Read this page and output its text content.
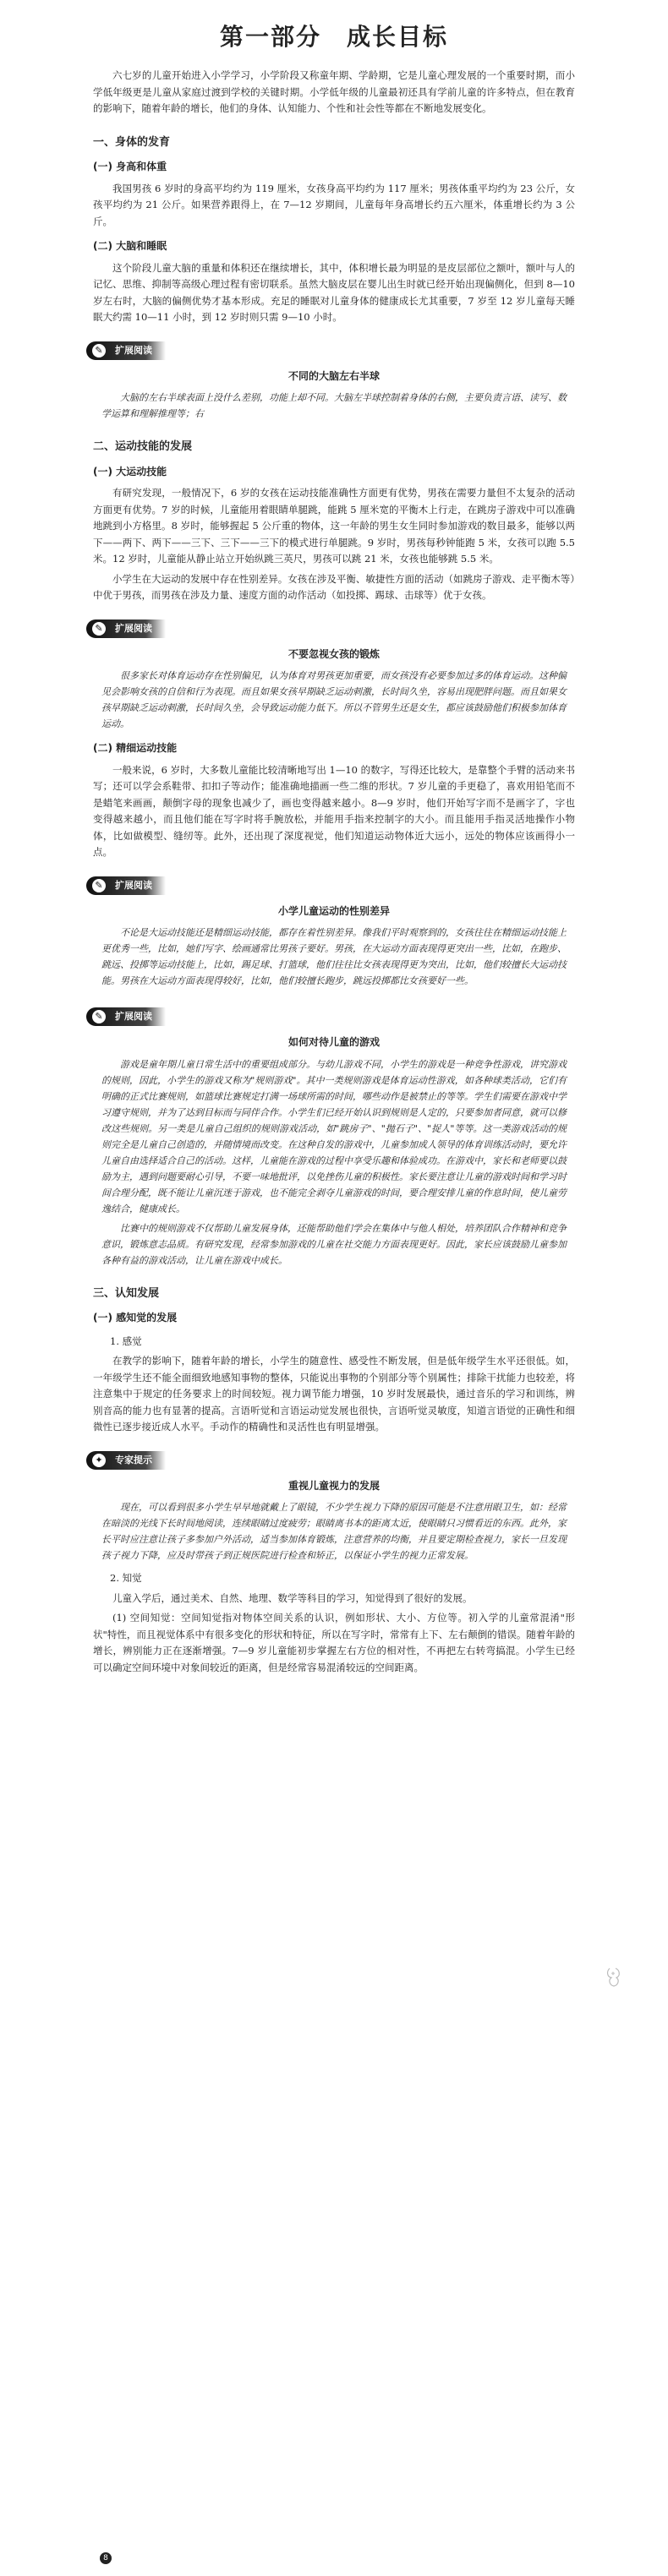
第一部分　成长目标

六七岁的儿童开始进入小学学习，小学阶段又称童年期、学龄期，它是儿童心理发展的一个重要时期，而小学低年级更是儿童从家庭过渡到学校的关键时期。小学低年级的儿童最初还具有学前儿童的许多特点，但在教育的影响下，随着年龄的增长，他们的身体、认知能力、个性和社会性等都在不断地发展变化。

一、身体的发育
(一) 身高和体重

我国男孩 6 岁时的身高平均约为 119 厘米，女孩身高平均约为 117 厘米；男孩体重平均约为 23 公斤，女孩平均约为 21 公斤。如果营养跟得上，在 7—12 岁期间，儿童每年身高增长约五六厘米，体重增长约为 3 公斤。

(二) 大脑和睡眠

这个阶段儿童大脑的重量和体积还在继续增长，其中，体积增长最为明显的是皮层部位之额叶，额叶与人的记忆、思维、抑制等高级心理过程有密切联系。虽然大脑皮层在婴儿出生时就已经开始出现偏侧化，但到 8—10 岁左右时，大脑的偏侧优势才基本形成。充足的睡眠对儿童身体的健康成长尤其重要，7 岁至 12 岁儿童每天睡眠大约需 10—11 小时，到 12 岁时则只需 9—10 小时。

✎	扩展阅读
不同的大脑左右半球

大脑的左右半球表面上没什么差别，功能上却不同。大脑左半球控制着身体的右侧，主要负责言语、读写、数学运算和理解推理等；右

二、运动技能的发展
(一) 大运动技能

有研究发现，一般情况下，6 岁的女孩在运动技能准确性方面更有优势，男孩在需要力量但不太复杂的活动方面更有优势。7 岁的时候，儿童能用着眼睛单腿跳，能跳 5 厘米宽的平衡木上行走，在跳房子游戏中可以准确地跳到小方格里。8 岁时，能够握起 5 公斤重的物体，这一年龄的男生女生同时参加游戏的数目最多，能够以两下——两下、两下——三下、三下——三下的模式进行单腿跳。9 岁时，男孩每秒钟能跑 5 米，女孩可以跑 5.5 米。12 岁时，儿童能从静止站立开始纵跳三英尺，男孩可以跳 21 米，女孩也能够跳 5.5 米。

小学生在大运动的发展中存在性别差异。女孩在涉及平衡、敏捷性方面的活动（如跳房子游戏、走平衡木等）中优于男孩，而男孩在涉及力量、速度方面的动作活动（如投掷、踢球、击球等）优于女孩。

✎	扩展阅读
不要忽视女孩的锻炼

很多家长对体育运动存在性别偏见，认为体育对男孩更加重要，而女孩没有必要参加过多的体育运动。这种偏见会影响女孩的自信和行为表现。而且如果女孩早期缺乏运动刺激，长时间久坐，容易出现肥胖问题。而且如果女孩早期缺乏运动刺激，长时间久坐，会导致运动能力低下。所以不管男生还是女生，都应该鼓励他们积极参加体育运动。

(二) 精细运动技能

一般来说，6 岁时，大多数儿童能比较清晰地写出 1—10 的数字，写得还比较大，是靠整个手臂的活动来书写；还可以学会系鞋带、扣扣子等动作；能准确地描画一些二维的形状。7 岁儿童的手更稳了，喜欢用铅笔而不是蜡笔来画画，颠倒字母的现象也减少了，画也变得越来越小。8—9 岁时，他们开始写字而不是画字了，字也变得越来越小，而且他们能在写字时将手腕放松，并能用手指来控制字的大小。而且能用手指灵活地操作小物体，比如做模型、缝纫等。此外，还出现了深度视觉，他们知道运动物体近大远小，远处的物体应该画得小一点。

✎	扩展阅读
小学儿童运动的性别差异

不论是大运动技能还是精细运动技能，都存在着性别差异。像我们平时观察到的，女孩往往在精细运动技能上更优秀一些，比如，她们写字、绘画通常比男孩子要好。男孩，在大运动方面表现得更突出一些，比如，在跑步、跳远、投掷等运动技能上，比如，踢足球、打篮球，他们往往比女孩表现得更为突出，比如，他们较擅长大运动技能。男孩在大运动方面表现得较好，比如，他们较擅长跑步，跳远投掷都比女孩要好一些。

✎	扩展阅读
如何对待儿童的游戏

游戏是童年期儿童日常生活中的重要组成部分。与幼儿游戏不同，小学生的游戏是一种竞争性游戏，讲究游戏的规则，因此，小学生的游戏又称为"规则游戏"。其中一类规则游戏是体育运动性游戏，如各种球类活动，它们有明确的正式比赛规则，如篮球比赛规定打满一场球所需的时间，哪些动作是被禁止的等等。学生们需要在游戏中学习遵守规则，并为了达到目标而与同伴合作。小学生们已经开始认识到规则是人定的，只要参加者同意，就可以修改这些规则。另一类是儿童自己组织的规则游戏活动，如"跳房子"、"抛石子"、"捉人"等等。这一类游戏活动的规则完全是儿童自己创造的，并随情境而改变。在这种自发的游戏中，儿童参加成人领导的体育训练活动时，要允许儿童自由选择适合自己的活动。这样，儿童能在游戏的过程中享受乐趣和体验成功。在游戏中，家长和老师要以鼓励为主，遇到问题要耐心引导，不要一味地批评，以免挫伤儿童的积极性。家长要注意让儿童的游戏时间和学习时间合理分配，既不能让儿童沉迷于游戏，也不能完全剥夺儿童游戏的时间，要合理安排儿童的作息时间，使儿童劳逸结合，健康成长。

比赛中的规则游戏不仅帮助儿童发展身体，还能帮助他们学会在集体中与他人相处，培养团队合作精神和竞争意识，锻炼意志品质。有研究发现，经常参加游戏的儿童在社交能力方面表现更好。因此，家长应该鼓励儿童参加各种有益的游戏活动，让儿童在游戏中成长。

三、认知发展
(一) 感知觉的发展
1. 感觉

在教学的影响下，随着年龄的增长，小学生的随意性、感受性不断发展，但是低年级学生水平还很低。如，一年级学生还不能全面细致地感知事物的整体，只能说出事物的个别部分等个别属性；排除干扰能力也较差，将注意集中于规定的任务要求上的时间较短。视力调节能力增强，10 岁时发展最快，通过音乐的学习和训练，辨别音高的能力也有显著的提高。言语听觉和言语运动觉发展也很快，言语听觉灵敏度，知道言语觉的正确性和细微性已逐步接近成人水平。手动作的精确性和灵活性也有明显增强。

✦	专家提示
重视儿童视力的发展

现在，可以看到很多小学生早早地就戴上了眼镜，不少学生视力下降的原因可能是不注意用眼卫生，如：经常在暗淡的光线下长时间地阅读，连续眼睛过度疲劳；眼睛离书本的距离太近，使眼睛只习惯看近的东西。此外，家长平时应注意让孩子多参加户外活动，适当参加体育锻炼，注意营养的均衡，并且要定期检查视力，家长一旦发现孩子视力下降，应及时带孩子到正规医院进行检查和矫正，以保证小学生的视力正常发展。

2. 知觉

儿童入学后，通过美术、自然、地理、数学等科目的学习，知觉得到了很好的发展。

(1) 空间知觉：空间知觉指对物体空间关系的认识，例如形状、大小、方位等。初入学的儿童常混淆"形状"特性，而且视觉体系中有很多变化的形状和特征，所以在写字时，常常有上下、左右颠倒的错误。随着年龄的增长，辨别能力正在逐渐增强。7—9 岁儿童能初步掌握左右方位的相对性，不再把左右转弯搞混。小学生已经可以确定空间环境中对象间较近的距离，但是经常容易混淆较远的空间距离。

8
